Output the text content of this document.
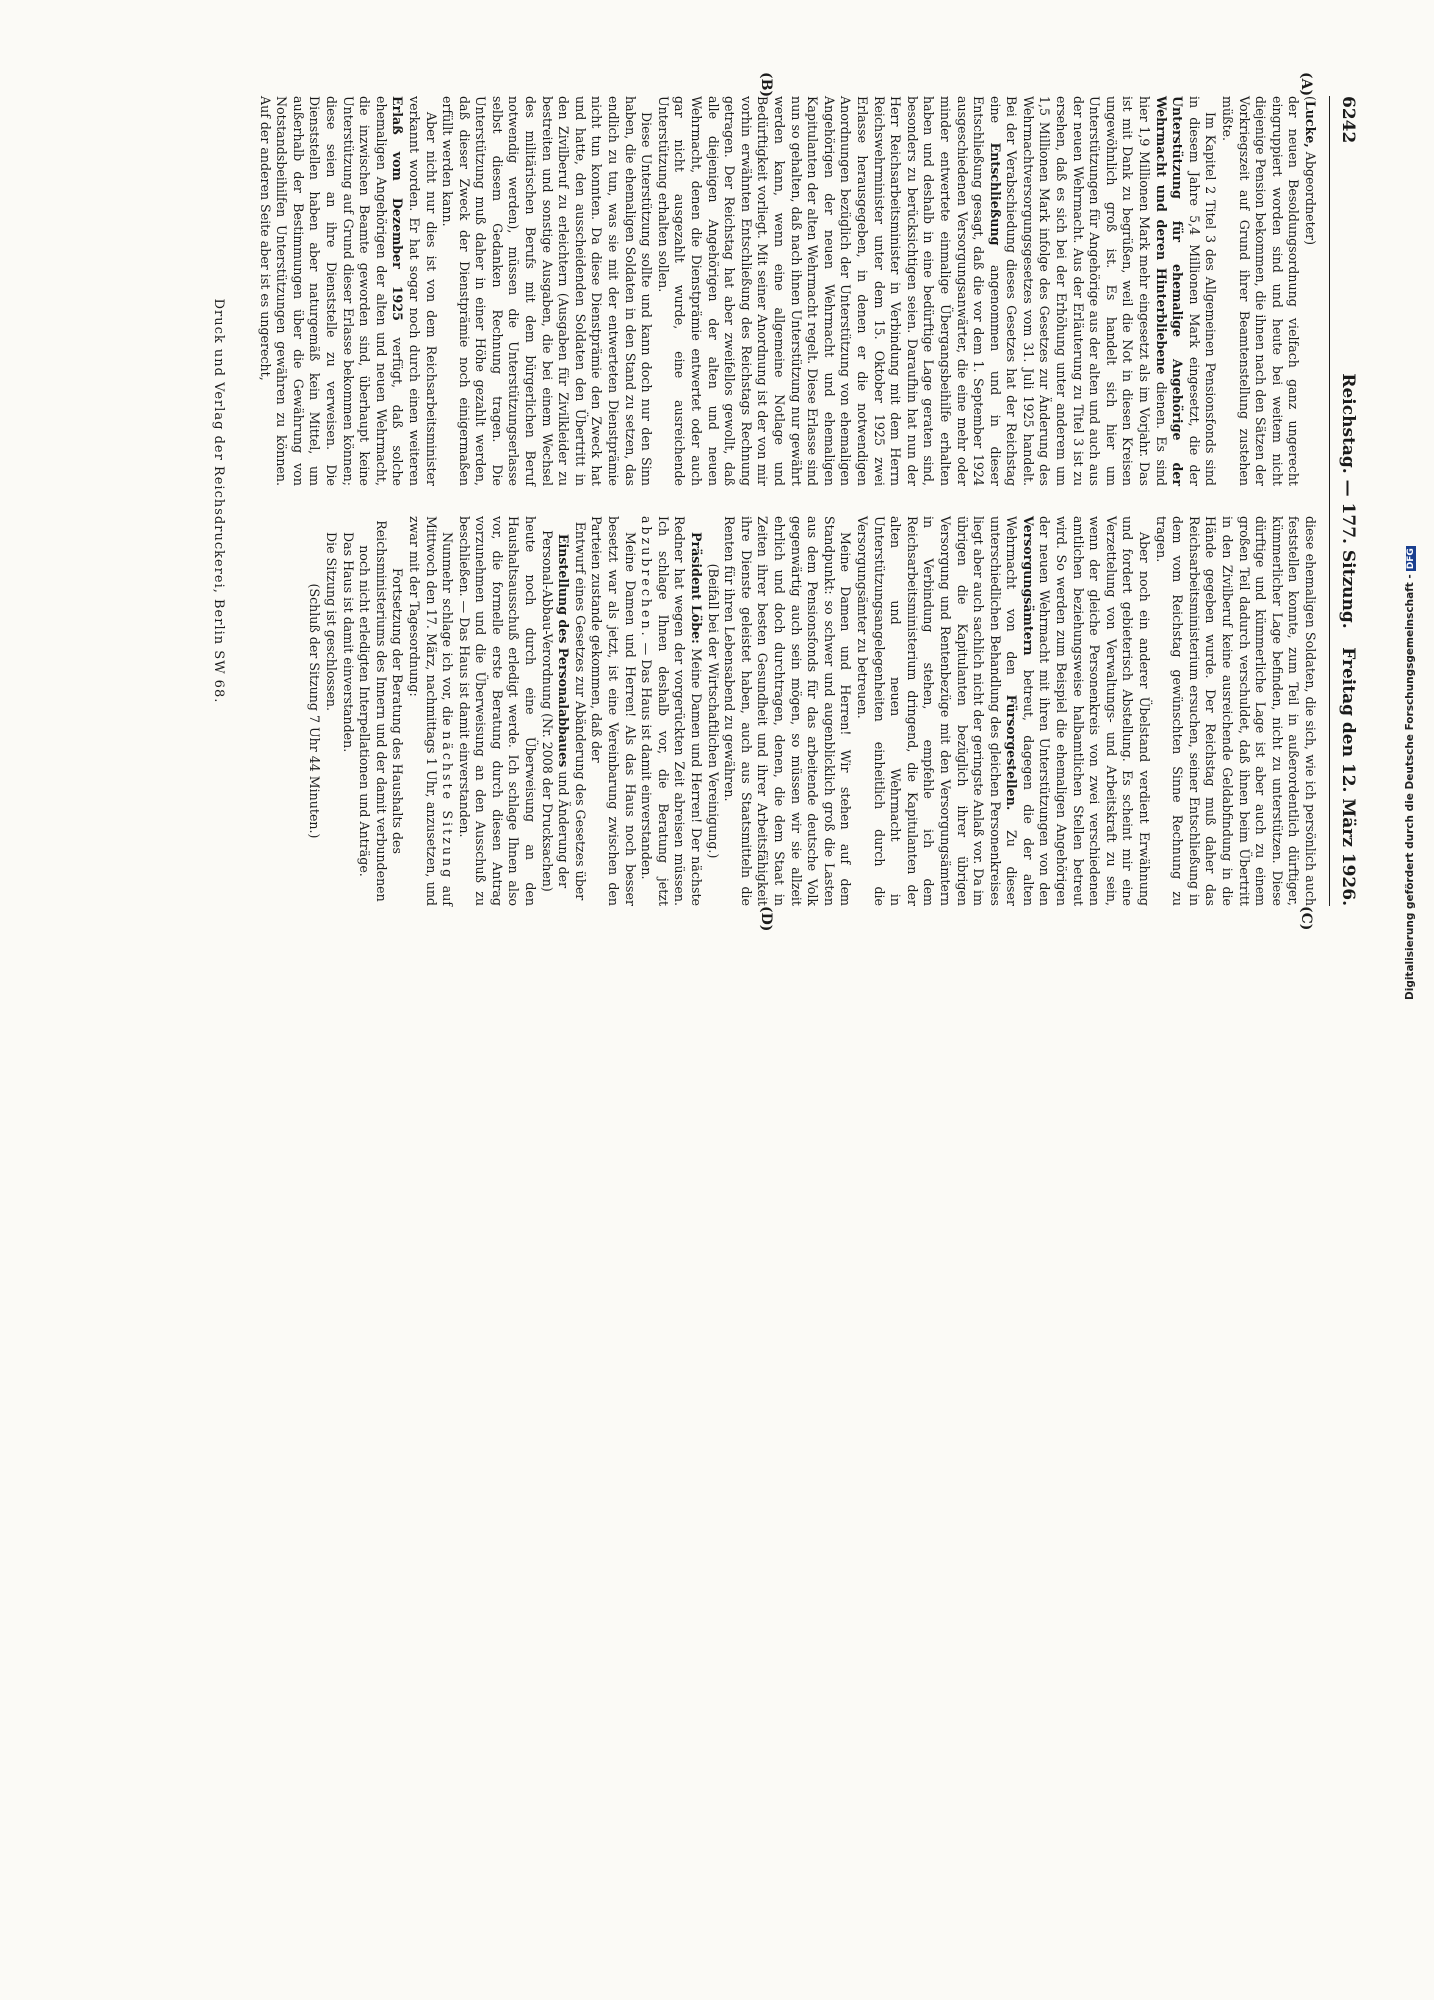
6242
Reichstag. — 177. Sitzung.
Freitag den 12. März 1926.
(A)
(B)
(C)
(D)

(Lucke, Abgeordneter)

der neuen Besoldungsordnung vielfach ganz ungerecht eingruppiert worden sind und heute bei weitem nicht diejenige Pension bekommen, die ihnen nach den Sätzen der Vorkriegszeit auf Grund ihrer Beamtenstellung zustehen müßte.

Im Kapitel 2 Titel 3 des Allgemeinen Pensionsfonds sind in diesem Jahre 5,4 Millionen Mark eingesetzt, die der Unterstützung für ehemalige Angehörige der Wehrmacht und deren Hinterbliebene dienen. Es sind hier 1,9 Millionen Mark mehr eingesetzt als im Vorjahr. Das ist mit Dank zu begrüßen, weil die Not in diesen Kreisen ungewöhnlich groß ist. Es handelt sich hier um Unterstützungen für Angehörige aus der alten und auch aus der neuen Wehrmacht. Aus der Erläuterung zu Titel 3 ist zu ersehen, daß es sich bei der Erhöhung unter anderem um 1,5 Millionen Mark infolge des Gesetzes zur Änderung des Wehrmachtversorgungsgesetzes vom 31. Juli 1925 handelt. Bei der Verabschiedung dieses Gesetzes hat der Reichstag eine Entschließung angenommen und in dieser Entschließung gesagt, daß die vor dem 1. September 1924 ausgeschiedenen Versorgungsanwärter, die eine mehr oder minder entwertete einmalige Übergangsbeihilfe erhalten haben und deshalb in eine bedürftige Lage geraten sind, besonders zu berücksichtigen seien. Daraufhin hat nun der Herr Reichsarbeitsminister in Verbindung mit dem Herrn Reichswehrminister unter dem 15. Oktober 1925 zwei Erlasse herausgegeben, in denen er die notwendigen Anordnungen bezüglich der Unterstützung von ehemaligen Angehörigen der neuen Wehrmacht und ehemaligen Kapitulanten der alten Wehrmacht regelt. Diese Erlasse sind nun so gehalten, daß nach ihnen Unterstützung nur gewährt werden kann, wenn eine allgemeine Notlage und Bedürftigkeit vorliegt. Mit seiner Anordnung ist der von mir vorhin erwähnten Entschließung des Reichstags Rechnung getragen. Der Reichstag hat aber zweifellos gewollt, daß alle diejenigen Angehörigen der alten und neuen Wehrmacht, denen die Dienstprämie entwertet oder auch gar nicht ausgezahlt wurde, eine ausreichende Unterstützung erhalten sollen.

Diese Unterstützung sollte und kann doch nur den Sinn haben, die ehemaligen Soldaten in den Stand zu setzen, das endlich zu tun, was sie mit der entwerteten Dienstprämie nicht tun konnten. Da diese Dienstprämie den Zweck hat und hatte, den ausscheidenden Soldaten den Übertritt in den Zivilberuf zu erleichtern (Ausgaben für Zivilkleider zu bestreiten und sonstige Ausgaben, die bei einem Wechsel des militärischen Berufs mit dem bürgerlichen Beruf notwendig werden), müssen die Unterstützungserlasse selbst diesem Gedanken Rechnung tragen. Die Unterstützung muß daher in einer Höhe gezahlt werden, daß dieser Zweck der Dienstprämie noch einigermaßen erfüllt werden kann.

Aber nicht nur dies ist von dem Reichsarbeitsminister verkannt worden. Er hat sogar noch durch einen weiteren Erlaß vom Dezember 1925 verfügt, daß solche ehemaligen Angehörigen der alten und neuen Wehrmacht, die inzwischen Beamte geworden sind, überhaupt keine Unterstützung auf Grund dieser Erlasse bekommen können; diese seien an ihre Dienststelle zu verweisen. Die Dienststellen haben aber naturgemäß kein Mittel, um außerhalb der Bestimmungen über die Gewährung von Notstandsbeihilfen Unterstützungen gewähren zu können. Auf der anderen Seite aber ist es ungerecht,

diese ehemaligen Soldaten, die sich, wie ich persönlich auch feststellen konnte, zum Teil in außerordentlich dürftiger, kümmerlicher Lage befinden, nicht zu unterstützen. Diese dürftige und kümmerliche Lage ist aber auch zu einem großen Teil dadurch verschuldet, daß ihnen beim Übertritt in den Zivilberuf keine ausreichende Geldabfindung in die Hände gegeben wurde. Der Reichstag muß daher das Reichsarbeitsministerium ersuchen, seiner Entschließung in dem vom Reichstag gewünschten Sinne Rechnung zu tragen.

Aber noch ein anderer Übelstand verdient Erwähnung und fordert gebieterisch Abstellung. Es scheint mir eine Verzettelung von Verwaltungs- und Arbeitskraft zu sein, wenn der gleiche Personenkreis von zwei verschiedenen amtlichen beziehungsweise halbamtlichen Stellen betreut wird. So werden zum Beispiel die ehemaligen Angehörigen der neuen Wehrmacht mit ihren Unterstützungen von den Versorgungsämtern betreut, dagegen die der alten Wehrmacht von den Fürsorgestellen. Zu dieser unterschiedlichen Behandlung des gleichen Personenkreises liegt aber auch sachlich nicht der geringste Anlaß vor. Da im übrigen die Kapitulanten bezüglich ihrer übrigen Versorgung und Rentenbezüge mit den Versorgungsämtern in Verbindung stehen, empfehle ich dem Reichsarbeitsministerium dringend, die Kapitulanten der alten und neuen Wehrmacht in Unterstützungsangelegenheiten einheitlich durch die Versorgungsämter zu betreuen.

Meine Damen und Herren! Wir stehen auf dem Standpunkt: so schwer und augenblicklich groß die Lasten aus dem Pensionsfonds für das arbeitende deutsche Volk gegenwärtig auch sein mögen, so müssen wir sie allzeit ehrlich und doch durchtragen, denen, die dem Staat in Zeiten ihrer besten Gesundheit und ihrer Arbeitsfähigkeit ihre Dienste geleistet haben, auch aus Staatsmitteln die Renten für ihren Lebensabend zu gewähren.

(Beifall bei der Wirtschaftlichen Vereinigung.)

Präsident Löbe: Meine Damen und Herren! Der nächste Redner hat wegen der vorgerückten Zeit abreisen müssen. Ich schlage Ihnen deshalb vor, die Beratung jetzt abzubrechen. — Das Haus ist damit einverstanden.

Meine Damen und Herren! Als das Haus noch besser besetzt war als jetzt, ist eine Vereinbarung zwischen den Parteien zustande gekommen, daß der

Entwurf eines Gesetzes zur Abänderung des Gesetzes über Einstellung des Personalabbaues und Änderung der Personal-Abbau-Verordnung (Nr. 2008 der Drucksachen)

heute noch durch eine Überweisung an den Haushaltsausschuß erledigt werde. Ich schlage Ihnen also vor, die formelle erste Beratung durch diesen Antrag vorzunehmen und die Überweisung an den Ausschuß zu beschließen. — Das Haus ist damit einverstanden.

Nunmehr schlage ich vor, die nächste Sitzung auf Mittwoch den 17. März, nachmittags 1 Uhr, anzusetzen, und zwar mit der Tagesordnung:

Fortsetzung der Beratung des Haushalts des Reichsministeriums des Innern und der damit verbundenen noch nicht erledigten Interpellationen und Anträge.

Das Haus ist damit einverstanden.

Die Sitzung ist geschlossen.

(Schluß der Sitzung 7 Uhr 44 Minuten.)

Druck und Verlag der Reichsdruckerei, Berlin SW 68.
Digitalisierung gefördert durch die Deutsche Forschungsgemeinschaft -DFG
